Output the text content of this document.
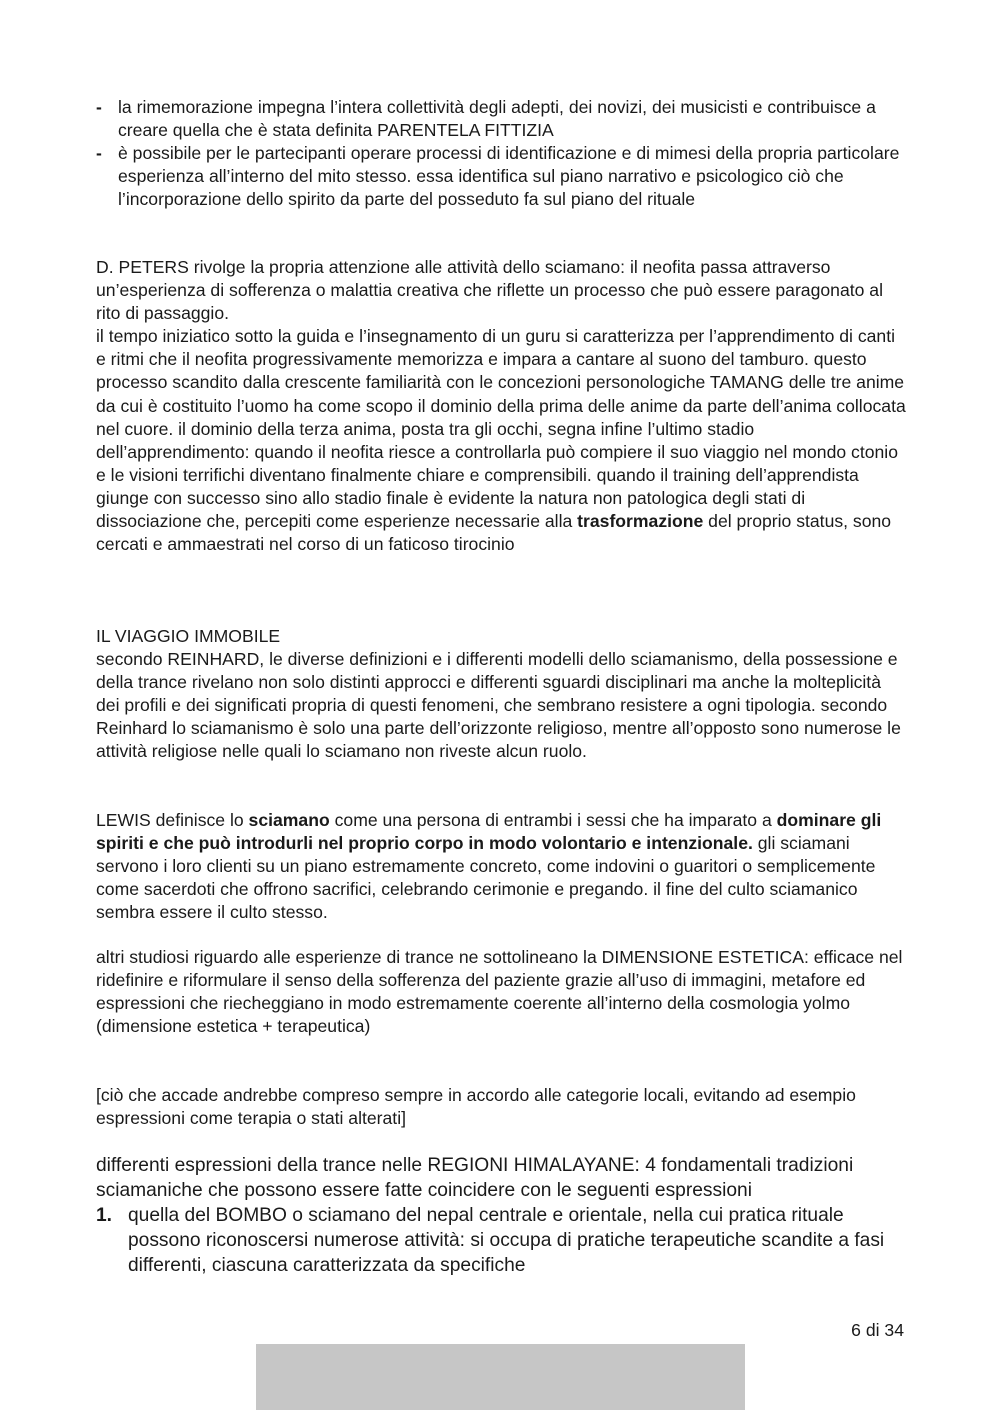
- la rimemorazione impegna l’intera collettività degli adepti, dei novizi, dei musicisti e contribuisce a creare quella che è stata definita PARENTELA FITTIZIA
- è possibile per le partecipanti operare processi di identificazione e di mimesi della propria particolare esperienza all’interno del mito stesso. essa identifica sul piano narrativo e psicologico ciò che l’incorporazione dello spirito da parte del posseduto fa sul piano del rituale

D. PETERS rivolge la propria attenzione alle attività dello sciamano: il neofita passa attraverso un’esperienza di sofferenza o malattia creativa che riflette un processo che può essere paragonato al rito di passaggio.

il tempo iniziatico sotto la guida e l’insegnamento di un guru si caratterizza per l’apprendimento di canti e ritmi che il neofita progressivamente memorizza e impara a cantare al suono del tamburo. questo processo scandito dalla crescente familiarità con le concezioni personologiche TAMANG delle tre anime da cui è costituito l’uomo ha come scopo il dominio della prima delle anime da parte dell’anima collocata nel cuore. il dominio della terza anima, posta tra gli occhi, segna infine l’ultimo stadio dell’apprendimento: quando il neofita riesce a controllarla può compiere il suo viaggio nel mondo ctonio e le visioni terrifichi diventano finalmente chiare e comprensibili. quando il training dell’apprendista giunge con successo sino allo stadio finale è evidente la natura non patologica degli stati di dissociazione che, percepiti come esperienze necessarie alla trasformazione del proprio status, sono cercati e ammaestrati nel corso di un faticoso tirocinio

IL VIAGGIO IMMOBILE

secondo REINHARD, le diverse definizioni e i differenti modelli dello sciamanismo, della possessione e della trance rivelano non solo distinti approcci e differenti sguardi disciplinari ma anche la molteplicità dei profili e dei significati propria di questi fenomeni, che sembrano resistere a ogni tipologia. secondo Reinhard lo sciamanismo è solo una parte dell’orizzonte religioso, mentre all’opposto sono numerose le attività religiose nelle quali lo sciamano non riveste alcun ruolo.

LEWIS definisce lo sciamano come una persona di entrambi i sessi che ha imparato a dominare gli spiriti e che può introdurli nel proprio corpo in modo volontario e intenzionale. gli sciamani servono i loro clienti su un piano estremamente concreto, come indovini o guaritori o semplicemente come sacerdoti che offrono sacrifici, celebrando cerimonie e pregando. il fine del culto sciamanico sembra essere il culto stesso.

altri studiosi riguardo alle esperienze di trance ne sottolineano la DIMENSIONE ESTETICA: efficace nel ridefinire e riformulare il senso della sofferenza del paziente grazie all’uso di immagini, metafore ed espressioni che riecheggiano in modo estremamente coerente all’interno della cosmologia yolmo (dimensione estetica + terapeutica)

[ciò che accade andrebbe compreso sempre in accordo alle categorie locali, evitando ad esempio espressioni come terapia o stati alterati]

differenti espressioni della trance nelle REGIONI HIMALAYANE: 4 fondamentali tradizioni sciamaniche che possono essere fatte coincidere con le seguenti espressioni

1. quella del BOMBO o sciamano del nepal centrale e orientale, nella cui pratica rituale possono riconoscersi numerose attività: si occupa di pratiche terapeutiche scandite a fasi differenti, ciascuna caratterizzata da specifiche
6 di 34
